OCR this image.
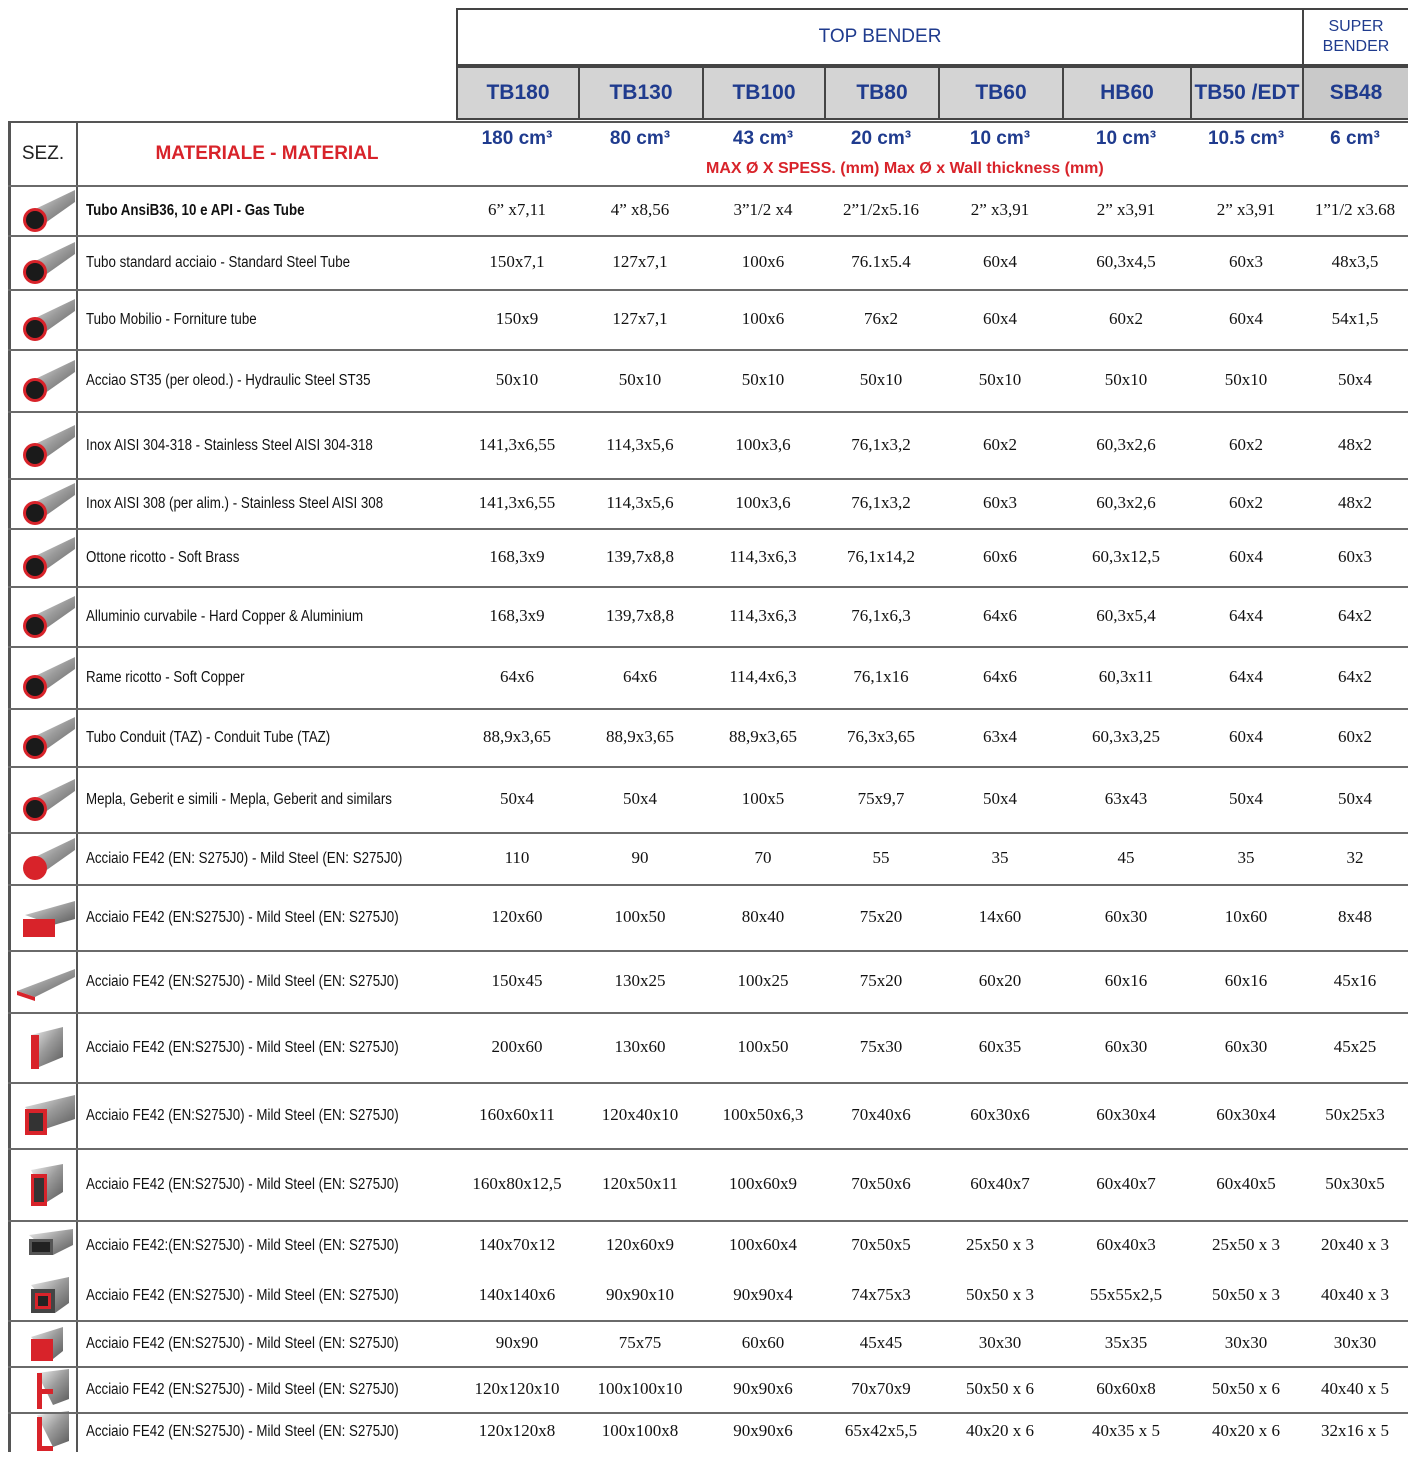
TOP BENDER	SUPER
BENDER
TB180	TB130	TB100	TB80	TB60	HB60	TB50 /EDT	SB48
SEZ.	MATERIALE - MATERIAL
180 cm³	80 cm³	43 cm³	20 cm³	10 cm³	10 cm³	10.5 cm³	6 cm³
MAX Ø X SPESS. (mm) Max Ø x Wall thickness (mm)
Tubo AnsiB36, 10 e API - Gas Tube	6” x7,11	4” x8,56	3”1/2 x4	2”1/2x5.16	2” x3,91	2” x3,91	2” x3,91	1”1/2 x3.68
Tubo standard acciaio - Standard Steel Tube	150x7,1	127x7,1	100x6	76.1x5.4	60x4	60,3x4,5	60x3	48x3,5
Tubo Mobilio - Forniture tube	150x9	127x7,1	100x6	76x2	60x4	60x2	60x4	54x1,5
Acciao ST35 (per oleod.) - Hydraulic Steel ST35	50x10	50x10	50x10	50x10	50x10	50x10	50x10	50x4
Inox AISI 304-318 - Stainless Steel AISI 304-318	141,3x6,55	114,3x5,6	100x3,6	76,1x3,2	60x2	60,3x2,6	60x2	48x2
Inox AISI 308 (per alim.) - Stainless Steel AISI 308	141,3x6,55	114,3x5,6	100x3,6	76,1x3,2	60x3	60,3x2,6	60x2	48x2
Ottone ricotto - Soft Brass	168,3x9	139,7x8,8	114,3x6,3	76,1x14,2	60x6	60,3x12,5	60x4	60x3
Alluminio curvabile - Hard Copper & Aluminium	168,3x9	139,7x8,8	114,3x6,3	76,1x6,3	64x6	60,3x5,4	64x4	64x2
Rame ricotto - Soft Copper	64x6	64x6	114,4x6,3	76,1x16	64x6	60,3x11	64x4	64x2
Tubo Conduit (TAZ) - Conduit Tube (TAZ)	88,9x3,65	88,9x3,65	88,9x3,65	76,3x3,65	63x4	60,3x3,25	60x4	60x2
Mepla, Geberit e simili - Mepla, Geberit and similars	50x4	50x4	100x5	75x9,7	50x4	63x43	50x4	50x4
Acciaio FE42 (EN: S275J0) - Mild Steel (EN: S275J0)	110	90	70	55	35	45	35	32
Acciaio FE42 (EN:S275J0) - Mild Steel (EN: S275J0)	120x60	100x50	80x40	75x20	14x60	60x30	10x60	8x48
Acciaio FE42 (EN:S275J0) - Mild Steel (EN: S275J0)	150x45	130x25	100x25	75x20	60x20	60x16	60x16	45x16
Acciaio FE42 (EN:S275J0) - Mild Steel (EN: S275J0)	200x60	130x60	100x50	75x30	60x35	60x30	60x30	45x25
Acciaio FE42 (EN:S275J0) - Mild Steel (EN: S275J0)	160x60x11	120x40x10	100x50x6,3	70x40x6	60x30x6	60x30x4	60x30x4	50x25x3
Acciaio FE42 (EN:S275J0) - Mild Steel (EN: S275J0)	160x80x12,5	120x50x11	100x60x9	70x50x6	60x40x7	60x40x7	60x40x5	50x30x5
Acciaio FE42:(EN:S275J0) - Mild Steel (EN: S275J0)	140x70x12	120x60x9	100x60x4	70x50x5	25x50 x 3	60x40x3	25x50 x 3	20x40 x 3
Acciaio FE42 (EN:S275J0) - Mild Steel (EN: S275J0)	140x140x6	90x90x10	90x90x4	74x75x3	50x50 x 3	55x55x2,5	50x50 x 3	40x40 x 3
Acciaio FE42 (EN:S275J0) - Mild Steel (EN: S275J0)	90x90	75x75	60x60	45x45	30x30	35x35	30x30	30x30
Acciaio FE42 (EN:S275J0) - Mild Steel (EN: S275J0)	120x120x10	100x100x10	90x90x6	70x70x9	50x50 x 6	60x60x8	50x50 x 6	40x40 x 5
Acciaio FE42 (EN:S275J0) - Mild Steel (EN: S275J0)	120x120x8	100x100x8	90x90x6	65x42x5,5	40x20 x 6	40x35 x 5	40x20 x 6	32x16 x 5
